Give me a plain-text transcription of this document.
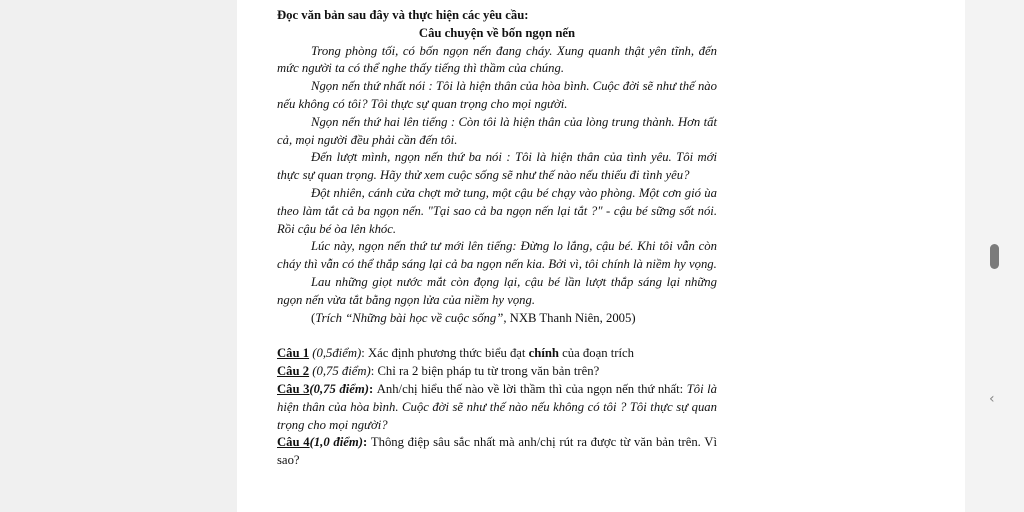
Đọc văn bản sau đây và thực hiện các yêu cầu:

Câu chuyện về bốn ngọn nến

Trong phòng tối, có bốn ngọn nến đang cháy. Xung quanh thật yên tĩnh, đến mức người ta có thể nghe thấy tiếng thì thầm của chúng.

Ngọn nến thứ nhất nói : Tôi là hiện thân của hòa bình. Cuộc đời sẽ như thế nào nếu không có tôi? Tôi thực sự quan trọng cho mọi người.

Ngọn nến thứ hai lên tiếng : Còn tôi là hiện thân của lòng trung thành. Hơn tất cả, mọi người đều phải cần đến tôi.

Đến lượt mình, ngọn nến thứ ba nói : Tôi là hiện thân của tình yêu. Tôi mới thực sự quan trọng. Hãy thử xem cuộc sống sẽ như thế nào nếu thiếu đi tình yêu?

Đột nhiên, cánh cửa chợt mở tung, một cậu bé chạy vào phòng. Một cơn gió ùa theo làm tắt cả ba ngọn nến. "Tại sao cả ba ngọn nến lại tắt ?" - cậu bé sững sốt nói. Rồi cậu bé òa lên khóc.

Lúc này, ngọn nến thứ tư mới lên tiếng: Đừng lo lắng, cậu bé. Khi tôi vẫn còn cháy thì vẫn có thể thắp sáng lại cả ba ngọn nến kia. Bởi vì, tôi chính là niềm hy vọng.

Lau những giọt nước mắt còn đọng lại, cậu bé lần lượt thắp sáng lại những ngọn nến vừa tắt bằng ngọn lửa của niềm hy vọng.

(Trích “Những bài học về cuộc sống”, NXB Thanh Niên, 2005)

Câu 1 (0,5điểm): Xác định phương thức biểu đạt chính của đoạn trích

Câu 2 (0,75 điểm): Chỉ ra 2 biện pháp tu từ trong văn bản trên?

Câu 3(0,75 điểm): Anh/chị hiểu thế nào về lời thầm thì của ngọn nến thứ nhất: Tôi là hiện thân của hòa bình. Cuộc đời sẽ như thế nào nếu không có tôi ? Tôi thực sự quan trọng cho mọi người?

Câu 4(1,0 điểm): Thông điệp sâu sắc nhất mà anh/chị rút ra được từ văn bản trên. Vì sao?

‹
